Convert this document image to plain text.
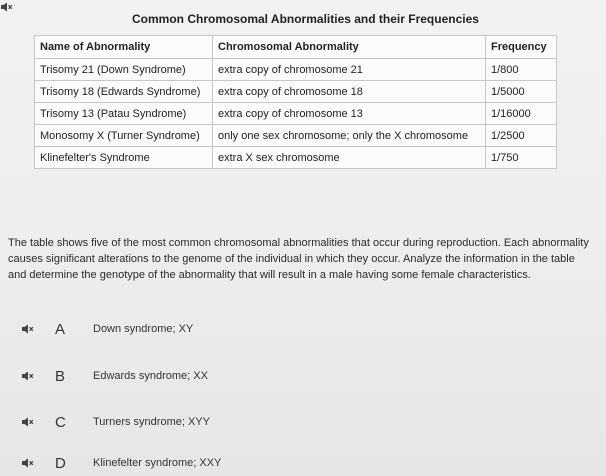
Common Chromosomal Abnormalities and their Frequencies
Name of Abnormality	Chromosomal Abnormality	Frequency
Trisomy 21 (Down Syndrome)	extra copy of chromosome 21	1/800
Trisomy 18 (Edwards Syndrome)	extra copy of chromosome 18	1/5000
Trisomy 13 (Patau Syndrome)	extra copy of chromosome 13	1/16000
Monosomy X (Turner Syndrome)	only one sex chromosome; only the X chromosome	1/2500
Klinefelter's Syndrome	extra X sex chromosome	1/750
The table shows five of the most common chromosomal abnormalities that occur during reproduction. Each abnormality causes significant alterations to the genome of the individual in which they occur. Analyze the information in the table and determine the genotype of the abnormality that will result in a male having some female characteristics.
A	Down syndrome; XY
B	Edwards syndrome; XX
C	Turners syndrome; XYY
D	Klinefelter syndrome; XXY
